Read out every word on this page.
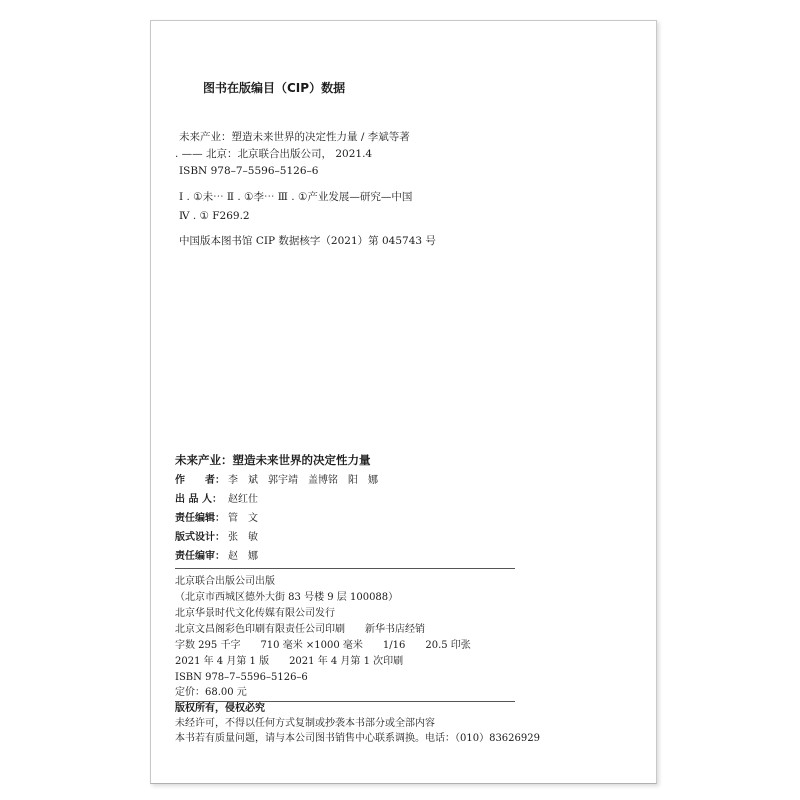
图书在版编目（CIP）数据
未来产业：塑造未来世界的决定性力量 / 李斌等著
. —— 北京：北京联合出版公司， 2021.4
ISBN 978–7–5596–5126–6
Ⅰ . ①未⋯ Ⅱ . ①李⋯ Ⅲ . ①产业发展—研究—中国
Ⅳ . ① F269.2
中国版本图书馆 CIP 数据核字（2021）第 045743 号
未来产业：塑造未来世界的决定性力量
作　　者： 李　斌　郭宇靖　盖博铭　阳　娜
出 品 人： 赵红仕
责任编辑： 管　文
版式设计： 张　敏
责任编审： 赵　娜
北京联合出版公司出版
（北京市西城区德外大街 83 号楼 9 层 100088）
北京华景时代文化传媒有限公司发行
北京文昌阁彩色印刷有限责任公司印刷　　新华书店经销
字数 295 千字　　710 毫米 ×1000 毫米　　1/16　　20.5 印张
2021 年 4 月第 1 版　　2021 年 4 月第 1 次印刷
ISBN 978–7–5596–5126–6
定价：68.00 元
版权所有，侵权必究
未经许可，不得以任何方式复制或抄袭本书部分或全部内容
本书若有质量问题，请与本公司图书销售中心联系调换。电话：（010）83626929
